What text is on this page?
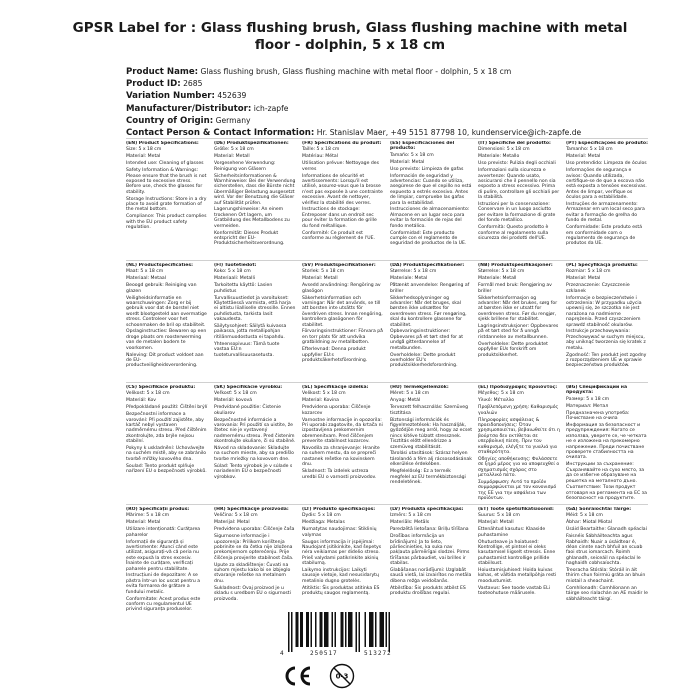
GPSR Label for : Glass flushing brush, Glass flushing machine with metal floor - dolphin, 5 x 18 cm
Product Name: Glass flushing brush, Glass flushing machine with metal floor - dolphin, 5 x 18 cm
Product ID: 2685
Variation Number: 452639
Manufacturer/Distributor: ich-zapfe
Country of Origin: Germany
Contact Person & Contact Information: Hr. Stanislav Maer, +49 5151 87798 10, kundenservice@ich-zapfe.de
(EN) Product Specifications:

Size: 5 x 18 cm

Material: Metal

Intended use: Cleaning of glasses

Safety Information & Warnings: Please ensure that the brush is not exposed to excessive stress. Before use, check the glasses for stability.

Storage Instructions: Store in a dry place to avoid grate formation of the metal bottom.

Compliance: This product complies with the EU product safety regulation.

(DE) Produktspezifikationen:

Größe: 5 x 18 cm

Material: Metall

Vorgesehene Verwendung: Reinigung von Gläsern

Sicherheitsinformationen & Warnhinweise: Bei der Verwendung sicherstellen, dass die Bürste nicht übermäßiger Belastung ausgesetzt wird. Vor der Benutzung die Gläser auf Stabilität prüfen.

Lagerungshinweise: An einem trockenen Ort lagern, um Gratbildung des Metallbodens zu vermeiden.

Konformität: Dieses Produkt entspricht der EU-Produktsicherheitsverordnung.

(FR) Spécifications du produit:

Taille: 5 x 18 cm

Matériau: Métal

Utilisation prévue: Nettoyage des verres

Informations de sécurité et avertissements: Lorsqu'il est utilisé, assurez-vous que la brosse n'est pas exposée à une contrainte excessive. Avant de nettoyer, vérifiez la stabilité des verres.

Instructions de stockage: Entreposer dans un endroit sec pour éviter la formation de grille du fond métallique.

Conformité: Ce produit est conforme au règlement de l'UE.

(ES) Especificaciones del producto:

Tamaño: 5 x 18 cm

Material: Metal

Uso previsto: Limpieza de gafas

Información de seguridad y advertencias: Cuando se utiliza, asegúrese de que el cepillo no está expuesto a estrés excesivo. Antes de limpiar, compruebe las gafas para la estabilidad.

Instrucciones de almacenamiento: Almacene en un lugar seco para evitar la formación de rejas del fondo metálico.

Conformidad: Este producto cumple con el reglamento de seguridad de productos de la UE.

(IT) Specifiche del prodotto:

Dimensioni: 5 x 18 cm

Materiale: Metallo

Uso previsto: Pulizia degli occhiali

Informazioni sulla sicurezza e avvertenze: Quando usato, assicurarsi che il pennello non sia esposto a stress eccessivo. Prima di pulire, controllare gli occhiali per la stabilità.

Istruzioni per la conservazione: Conservare in un luogo asciutto per evitare la formazione di grate del fondo metallico.

Conformità: Questo prodotto è conforme al regolamento sulla sicurezza dei prodotti dell'UE.

(PT) Especificações do produto:

Tamanho: 5 x 18 cm

Material: Metal

Uso pretendido: Limpeza de óculos

Informações de segurança e avisos: Quando utilizada, certifique-se de que a escova não está exposta a tensões excessivas. Antes de limpar, verifique os óculos para a estabilidade.

Instruções de armazenamento: Armazenar em um local seco para evitar a formação de grelha do fundo de metal.

Conformidade: Este produto está em conformidade com o regulamento de segurança de produtos da UE.

(NL) Productspecificaties:

Maat: 5 x 18 cm

Materiaal: Metaal

Beoogd gebruik: Reiniging van glazen

Veiligheidsinformatie en waarschuwingen: Zorg er bij gebruik voor dat de borstel niet wordt blootgesteld aan overmatige stress. Controleer voor het schoonmaken de bril op stabiliteit.

Opslaginstructies: Bewaren op een droge plaats om roosterwerming van de metalen bodem te voorkomen.

Naleving: Dit product voldoet aan de EU-productveiligheidsverordening.

(FI) Tuotetiedot:

Koko: 5 x 18 cm

Materiaali: Metalli

Tarkoitettu käyttö: Lasien puhdistus

Turvallisuustiedot ja varoitukset: Käytettäessä varmista, että harja ei altistu liialliselle stressille. Ennen puhdistusta, tarkista lasit vakaudesta.

Säilytysohjeet: Säilytä kuivassa paikassa, jotta metallipohjan ritilänmuodostusta ei tapahdu.

Yhteensopivuus: Tämä tuote vastaa EU:n tuoteturvallisuusasetusta.

(SV) Produktspecifikationer:

Storlek: 5 x 18 cm

Material: Metall

Avsedd användning: Rengöring av glasögon

Säkerhetsinformation och varningar: När det används, se till att borsten inte utsätts för överdriven stress. Innan rengöring, kontrollera glasögonen för stabilitet.

Förvaringsinstruktioner: Förvara på en torr plats för att undvika gratbildning av metallbotten.

Efterlevnad: Denna produkt uppfyller EU:s produktsäkerhetsförordning.

(DA) Produktspecifikationer:

Størrelse: 5 x 18 cm

Materiale: Metal

Påtænkt anvendelse: Rengøring af briller

Sikkerhedsoplysninger og advarsler: Når det bruges, skal børsten ikke udsættes for overdreven stress. Før rengøring, skal du kontrollere glassene for stabilitet.

Opbevaringsinstruktioner: Opbevares på et tørt sted for at undgå gitterdannelse af metalbunden.

Overholdelse: Dette produkt overholder EU's produktsikkerhedsforordning.

(NB) Produktspesifikasjoner:

Størrelse: 5 x 18 cm

Materiale: Metall

Formål med bruk: Rengjøring av briller

Sikkerhetsinformasjon og advarsler: Når det brukes, sørg for at børsten ikke er utsatt for overdreven stress. Før du rengjør, sjekk brillene for stabilitet.

Lagringsinstruksjoner: Oppbevares på et tørt sted for å unngå ristdannelse av metallbunnen.

Overholdelse: Dette produktet oppfyller EUs forskrift om produktsikkerhet.

(PL) Specyfikacja produktu:

Rozmiar: 5 x 18 cm

Materiał: Metal

Przeznaczenie: Czyszczenie szklanek

Informacje o bezpieczeństwie i ostrzeżenia: W przypadku użycia upewnij się, że szczotka nie jest narażona na nadmierne naprężenia. Przed czyszczeniem sprawdź stabilność okularów.

Instrukcje przechowywania: Przechowywać w suchym miejscu, aby uniknąć tworzenia się kratek z metalu.

Zgodność: Ten produkt jest zgodny z rozporządzeniem UE w sprawie bezpieczeństwa produktów.

(CS) Specifikace produktu:

Velikost: 5 x 18 cm

Materiál: Kov

Předpokládané použití: Čištění brýlí

Bezpečnostní informace a varování: Při použití zajistěte, aby kartáč nebyl vystaven nadměrnému stresu. Před čištěním zkontrolujte, zda brýle nejsou stabilní.

Pokyny k uskladnění: Uchovávejte na suchém místě, aby se zabránilo tvorbě mřížky kovového dna.

Soulad: Tento produkt splňuje nařízení EU o bezpečnosti výrobků.

(SK) Špecifikácie výrobku:

Veľkosť: 5 x 18 cm

Materiál: kovová

Predvídané použitie: Čistenie okuliarov

Bezpečnostné informácie a varovania: Pri použití sa uistite, že štetec nie je vystavený nadmernému stresu. Pred čistením skontrolujte okuliare, či sú stabilné.

Návod na skladovanie: Skladujte na suchom mieste, aby sa predišlo tvorbe mriežky na kovovom dne.

Súlad: Tento výrobok je v súlade s nariadením EÚ o bezpečnosti výrobkov.

(SL) Specifikacije izdelka:

Velikost: 5 x 18 cm

Material: Kovina

Predvidena uporaba: Čiščenje kozarcev

Varnostne informacije in opozorila: Pri uporabi zagotovite, da krtača ni izpostavljena prekomernim obremenitvam. Pred čiščenjem preverite stabilnost kozarcev.

Navodila za shranjevanje: Hranite na suhem mestu, da se prepreči nastanek rešetke na kovinskem dnu.

Skladnost: Ta izdelek ustreza uredbi EU o varnosti proizvodov.

(HU) Termékjellemzők:

Méret: 5 x 18 cm

Anyag: Metál

Tervezett felhasználás: Szemüveg tisztítása

Biztonsági információk és figyelmeztetések: Ha használják, győződjön meg arról, hogy az ecset nincs kitéve túlzott stressznek. Tisztítás előtt ellenőrizze a szemüveg stabilitását.

Tárolási utasítások: Száraz helyen tárolandó a fém alj rácsosodásának elkerülése érdekében.

Megfelelőség: Ez a termék megfelel az EU termékbiztonsági rendeletének.

(EL) Προδιαγραφές προϊόντος:

Μέγεθος: 5 x 18 cm

Υλικό: Μέταλλο

Προβλεπόμενη χρήση: Καθαρισμός γυαλιών

Πληροφορίες ασφάλειας & προειδοποιήσεις: Όταν χρησιμοποιείται, βεβαιωθείτε ότι η βούρτσα δεν εκτίθεται σε υπερβολική πίεση. Πριν τον καθαρισμό, ελέγξτε τα γυαλιά για σταθερότητα.

Οδηγίες αποθήκευσης: Φυλάσσετε σε ξηρό μέρος για να αποφευχθεί ο σχηματισμός σχάρας στο μεταλλικό πάτο.

Συμμόρφωση: Αυτό το προϊόν συμμορφώνεται με τον κανονισμό της ΕΕ για την ασφάλεια των προϊόντων.

(BG) Спецификации на продукта:

Размер: 5 x 18 cm

Материал: Метал

Предназначена употреба: Почистване на очила

Информация за безопасност и предупреждения: Когато се използва, уверете се, че четката не е изложена на прекомерно напрежение. Преди почистване проверете стабилността на очилата.

Инструкции за съхранение: Съхранявайте на сухо място, за да се избегне образуване на решетка на металното дъно.

Съответствие: Този продукт отговаря на регламента на ЕС за безопасност на продуктите.

(RO) Specificații produs:

Mărime: 5 x 18 cm

Material: Metal

Utilizare intenționată: Curățarea paharelor

Informații de siguranță și avertismente: Atunci când este utilizat, asigurați-vă că peria nu este expusă la stres excesiv. Înainte de curățare, verificați paharele pentru stabilitate.

Instrucțiuni de depozitare: A se păstra într-un loc uscat pentru a evita formarea de grătare a fundului metalic.

Conformitate: Acest produs este conform cu regulamentul UE privind siguranța produselor.

(HR) Specifikacije proizvoda:

Veličina: 5 x 18 cm

Materijal: Metal

Predviđena uporaba: Čišćenje čaša

Sigurnosne informacije i upozorenja: Prilikom korištenja pobrinite se da četka nije izložena prekomjernom opterećenju. Prije čišćenja provjerite stabilnost čaša.

Upute za skladištenje: Čuvati na suhom mjestu kako bi se izbjeglo stvaranje rešetke na metalnom dnu.

Sukladnost: Ovaj proizvod je u skladu s uredbom EU o sigurnosti proizvoda.

(LT) Produkto specifikacijos:

Dydis: 5 x 18 cm

Medžiaga: Metalas

Numatytas naudojimas: Stiklinių valymas

Saugos informacija ir įspėjimai: Naudojant įsitikinkite, kad šepetys nėra veikiamas per didelio streso. Prieš valydami patikrinkite akinių stabilumą.

Laikymo instrukcijos: Laikyti sausoje vietoje, kad nesusidarytų metalinio dugno grotelės.

Atitiktis: Šis produktas atitinka ES produktų saugos reglamentą.

(LV) Produkta specifikācijas:

Izmērs: 5 x 18 cm

Materiāls: Metāls

Paredzētā lietošana: Brilļu tīrīšana

Drošības informācija un brīdinājumi: Ja to lieto, pārliecinieties, ka suka nav pakļauta pārmērīgai slodzei. Pirms tīrīšanas pārbaudiet, vai brilles ir stabilas.

Glabāšanas norādījumi: Uzglabāt sausā vietā, lai izvairītos no metāla dibena režģa veidošanās.

Atbilstība: Šis produkts atbilst ES produktu drošības regulai.

(ET) Toote spetsifikatsioonid:

Suurus: 5 x 18 cm

Materjal: Metall

Ettenähtud kasutus: Klaaside puhastamine

Ohutusteave ja hoiatused: Kontrollige, et pintsel ei oleks kasutamisel liigselt stressis. Enne puhastamist kontrollige prillide stabiilsust.

Hoiustamisjuhised: Hoida kuivas kohas, et vältida metallpõhja resti moodustumist.

Vastavus: See toode vastab ELi tooteohutuse määrusele.

(GA) Sonraíochtaí Táirge:

Méid: 5 x 18 cm

Ábhar: Miotal Miotal

Úsáid Beartaithe: Glanadh spéaclaí

Faisnéis Sábháilteachta agus Rabhaidh: Nuair a úsáidtear é, déan cinnte nach bhfuil an scuab faoi strus iomarcach. Roimh ghlanadh, seiceáil na spéaclaí le haghaidh cobhsaíochta.

Treoracha Stórála: Stóráil in áit thirim chun foirmiú gráta an bhuin miotail a sheachaint.

Comhlíonadh: Comhlíonann an táirge seo rialachán an AE maidir le sábháilteacht táirgí.

4	250517	513272
0-3
